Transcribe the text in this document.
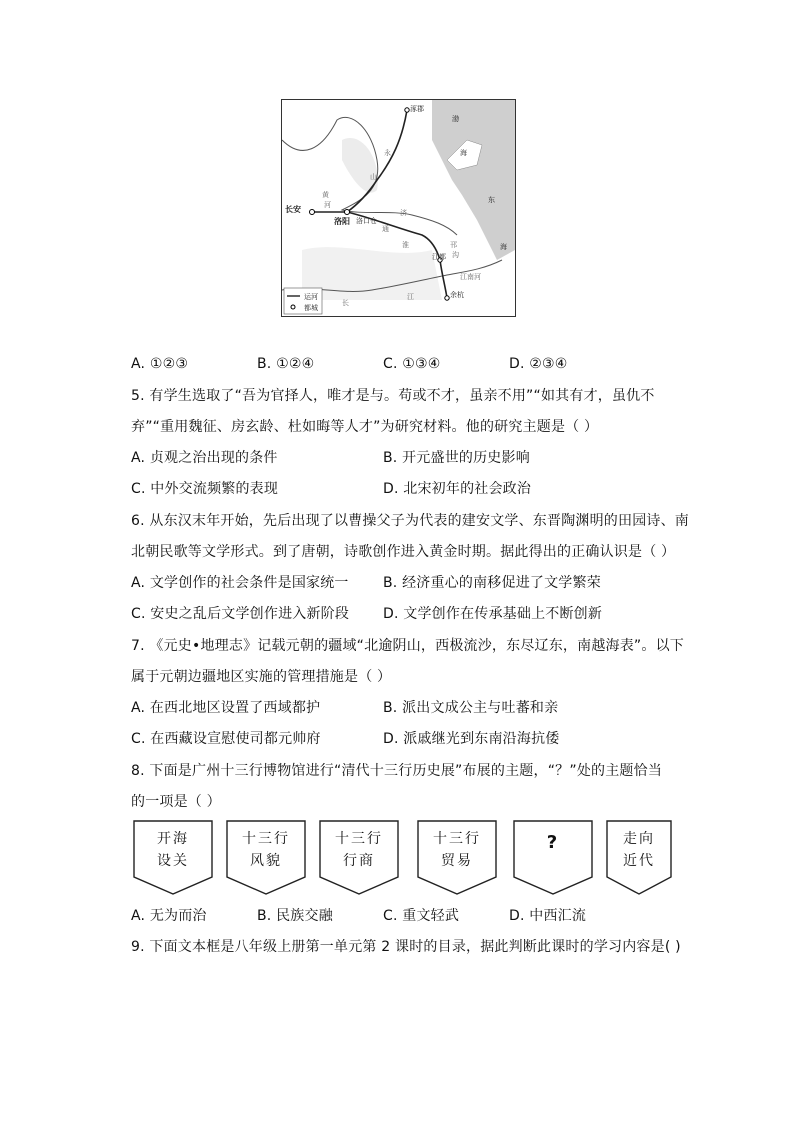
涿郡
渤
海
东
海
长安
洛阳 洛口仓
江都
余杭
黄
河
淮
长
江
永
济
通
山
邗
沟
江南河
运河
都城
A. ①②③	B. ①②④	C. ①③④	D. ②③④
5. 有学生选取了“吾为官择人，唯才是与。苟或不才，虽亲不用”“如其有才，虽仇不
弃”“重用魏征、房玄龄、杜如晦等人才”为研究材料。他的研究主题是（ ）
A. 贞观之治出现的条件	B. 开元盛世的历史影响
C. 中外交流频繁的表现	D. 北宋初年的社会政治
6. 从东汉末年开始，先后出现了以曹操父子为代表的建安文学、东晋陶渊明的田园诗、南
北朝民歌等文学形式。到了唐朝，诗歌创作进入黄金时期。据此得出的正确认识是（ ）
A. 文学创作的社会条件是国家统一 B. 经济重心的南移促进了文学繁荣
C. 安史之乱后文学创作进入新阶段 D. 文学创作在传承基础上不断创新
7. 《元史•地理志》记载元朝的疆域“北逾阴山，西极流沙，东尽辽东，南越海表”。以下
属于元朝边疆地区实施的管理措施是（ ）
A. 在西北地区设置了西域都护	B. 派出文成公主与吐蕃和亲
C. 在西藏设宣慰使司都元帅府	D. 派戚继光到东南沿海抗倭
8. 下面是广州十三行博物馆进行“清代十三行历史展”布展的主题，“？”处的主题恰当
的一项是（ ）
开海
设关
十三行
风貌
十三行
行商
十三行
贸易
?	走向
近代
A. 无为而治	B. 民族交融	C. 重文轻武	D. 中西汇流
9. 下面文本框是八年级上册第一单元第 2 课时的目录，据此判断此课时的学习内容是( )
